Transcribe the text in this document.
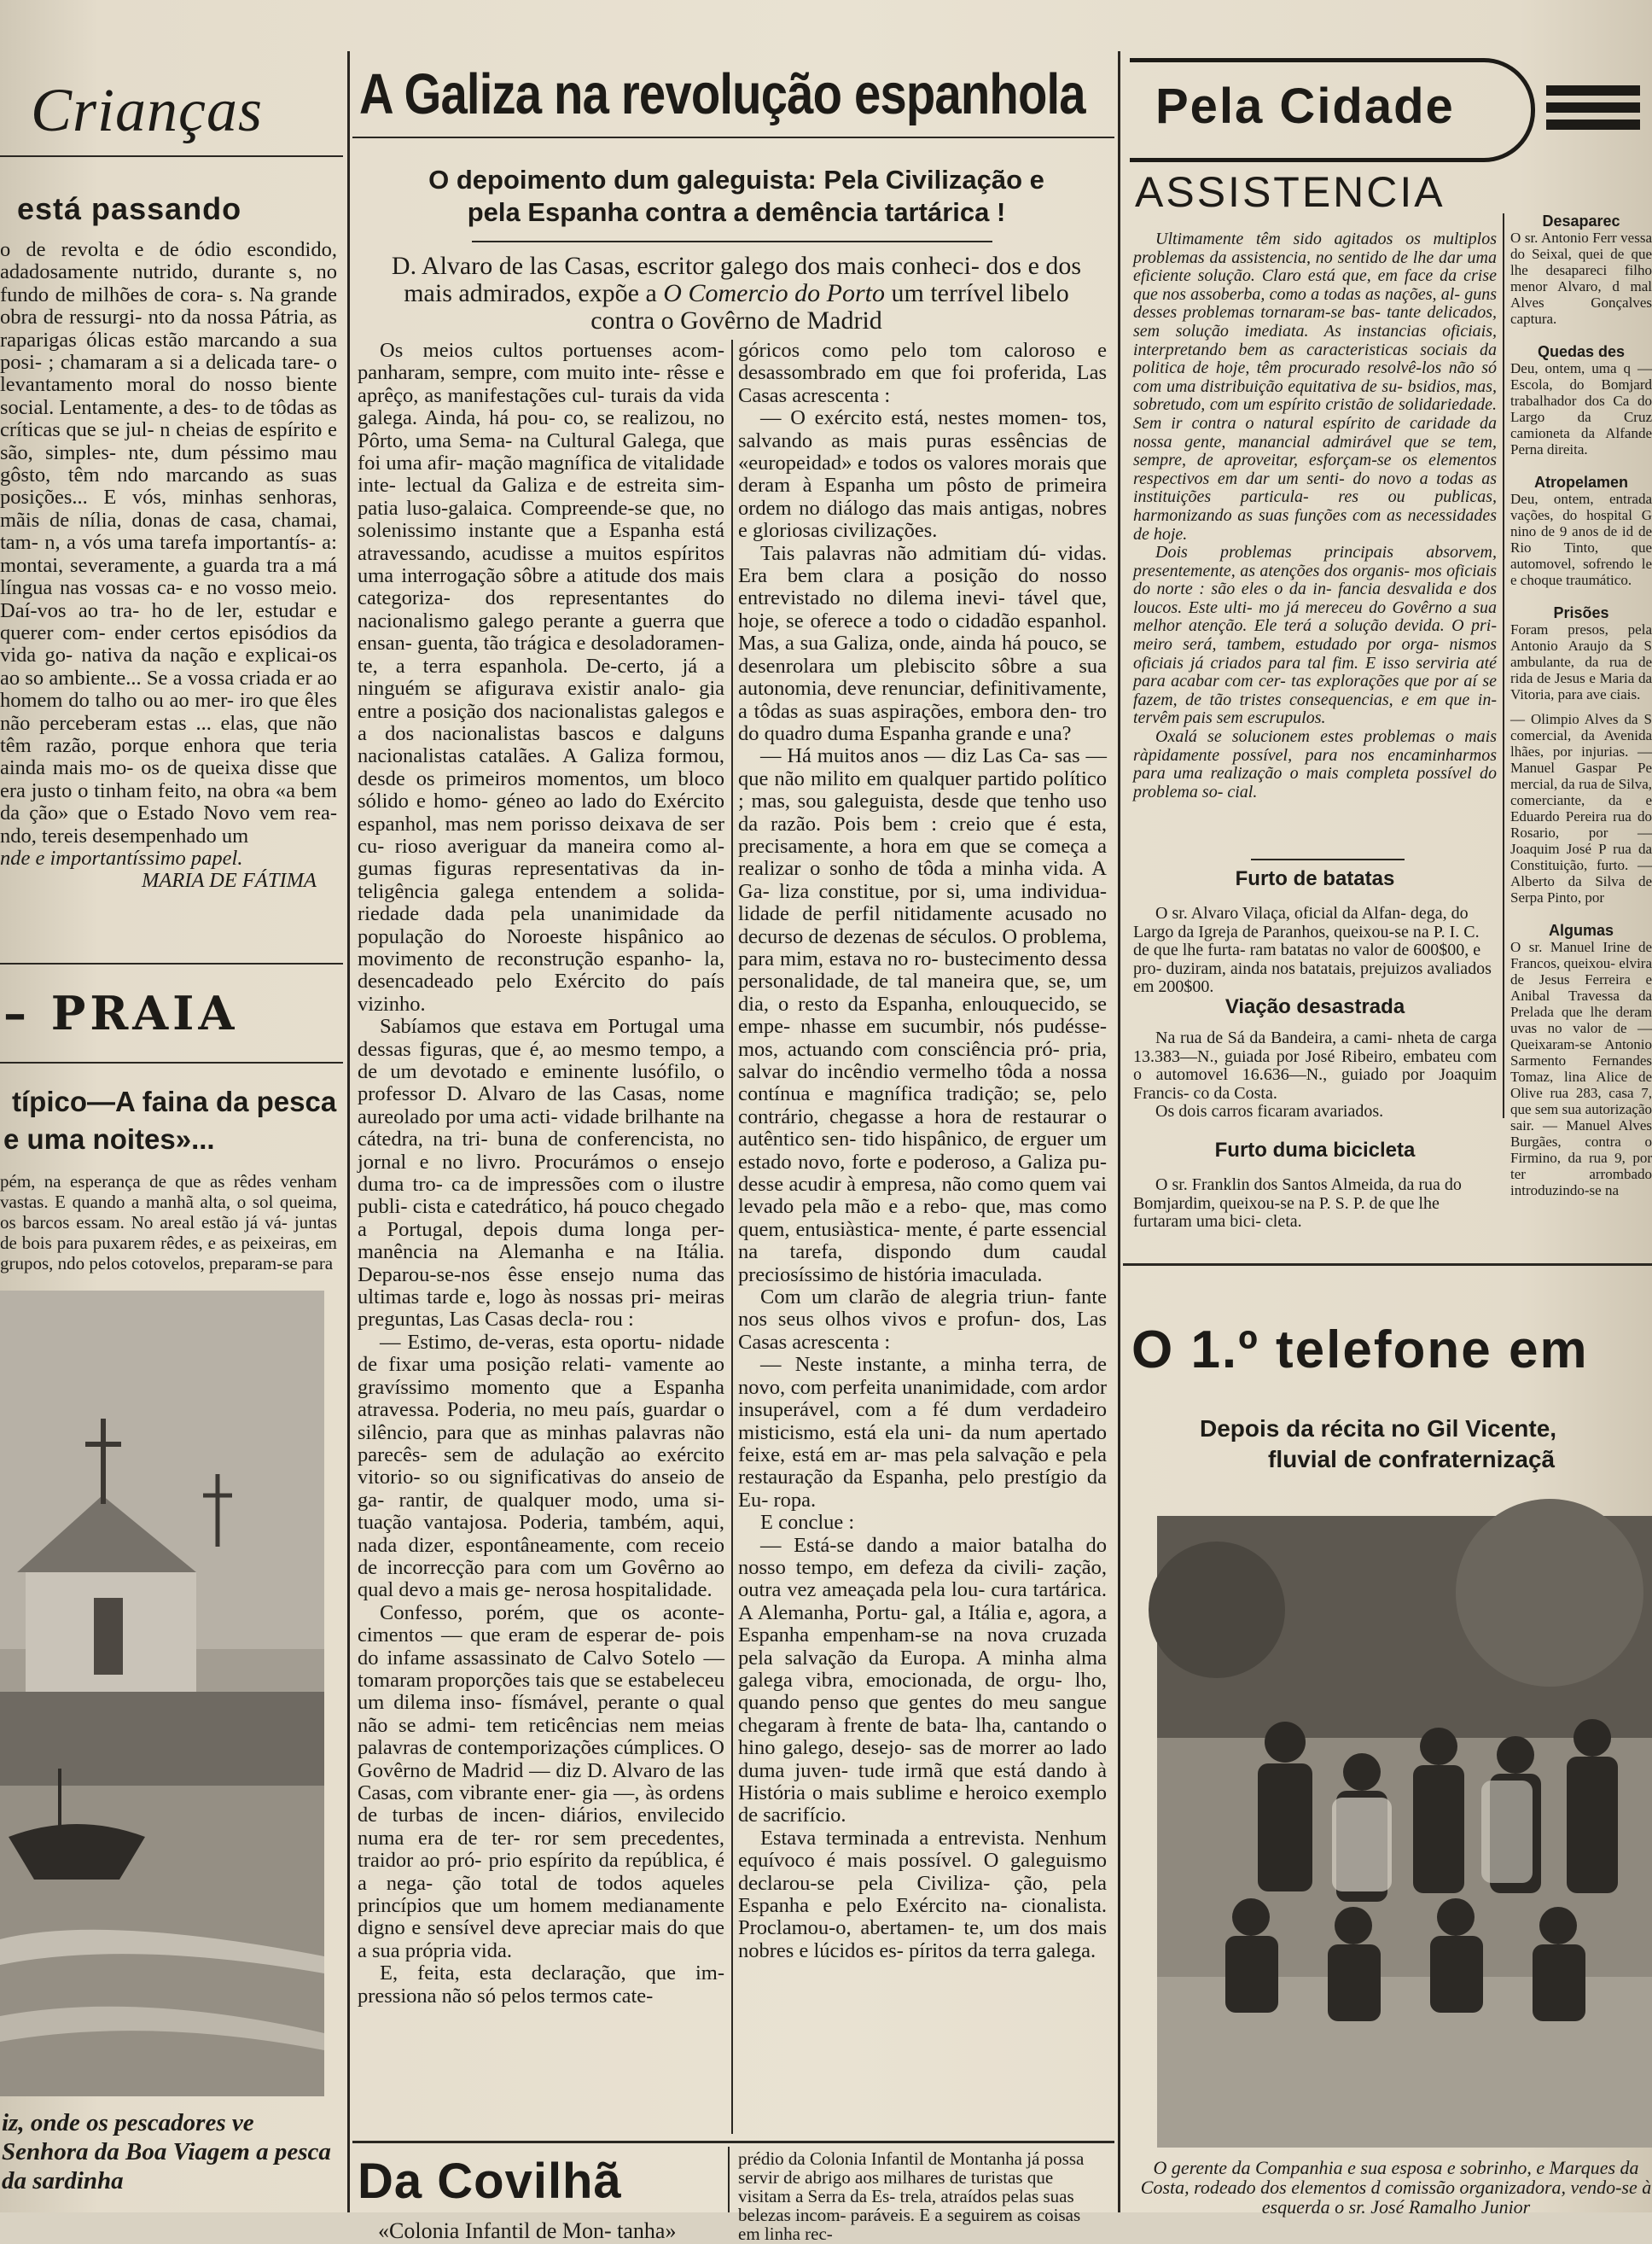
Crianças
está passando

o de revolta e de ódio escondido, adadosamente nutrido, durante s, no fundo de milhões de cora- s. Na grande obra de ressurgi- nto da nossa Pátria, as raparigas ólicas estão marcando a sua posi- ; chamaram a si a delicada tare- o levantamento moral do nosso biente social. Lentamente, a des- to de tôdas as críticas que se jul- n cheias de espírito e são, simples- nte, dum péssimo mau gôsto, têm ndo marcando as suas posições... E vós, minhas senhoras, mãis de nília, donas de casa, chamai, tam- n, a vós uma tarefa importantís- a: montai, severamente, a guarda tra a má língua nas vossas ca- e no vosso meio. Daí-vos ao tra- ho de ler, estudar e querer com- ender certos episódios da vida go- nativa da nação e explicai-os ao so ambiente... Se a vossa criada er ao homem do talho ou ao mer- iro que êles não perceberam estas ... elas, que não têm razão, porque enhora que teria ainda mais mo- os de queixa disse que era justo o tinham feito, na obra «a bem da ção» que o Estado Novo vem rea- ndo, tereis desempenhado um

nde e importantíssimo papel.

MARIA DE FÁTIMA

– PRAIA
típico—A faina da pesca
e uma noites»...

pém, na esperança de que as rêdes venham vastas. E quando a manhã alta, o sol queima, os barcos essam. No areal estão já vá- juntas de bois para puxarem rêdes, e as peixeiras, em grupos, ndo pelos cotovelos, preparam-se para

iz, onde os pescadores ve Senhora da Boa Viagem a pesca da sardinha
A Galiza na revolução espanhola
O depoimento dum galeguista: Pela Civilização e pela Espanha contra a demência tartárica !
D. Alvaro de las Casas, escritor galego dos mais conheci- dos e dos mais admirados, expõe a O Comercio do Porto um terrível libelo contra o Govêrno de Madrid

Os meios cultos portuenses acom- panharam, sempre, com muito inte- rêsse e aprêço, as manifestações cul- turais da vida galega. Ainda, há pou- co, se realizou, no Pôrto, uma Sema- na Cultural Galega, que foi uma afir- mação magnífica de vitalidade inte- lectual da Galiza e de estreita sim- patia luso-galaica. Compreende-se que, no solenissimo instante que a Espanha está atravessando, acudisse a muitos espíritos uma interrogação sôbre a atitude dos mais categoriza- dos representantes do nacionalismo galego perante a guerra que ensan- guenta, tão trágica e desoladoramen- te, a terra espanhola. De-certo, já a ninguém se afigurava existir analo- gia entre a posição dos nacionalistas galegos e a dos nacionalistas bascos e dalguns nacionalistas catalães. A Galiza formou, desde os primeiros momentos, um bloco sólido e homo- géneo ao lado do Exército espanhol, mas nem porisso deixava de ser cu- rioso averiguar da maneira como al- gumas figuras representativas da in- teligência galega entendem a solida- riedade dada pela unanimidade da população do Noroeste hispânico ao movimento de reconstrução espanho- la, desencadeado pelo Exército do país vizinho.

Sabíamos que estava em Portugal uma dessas figuras, que é, ao mesmo tempo, a de um devotado e eminente lusófilo, o professor D. Alvaro de las Casas, nome aureolado por uma acti- vidade brilhante na cátedra, na tri- buna de conferencista, no jornal e no livro. Procurámos o ensejo duma tro- ca de impressões com o ilustre publi- cista e catedrático, há pouco chegado a Portugal, depois duma longa per- manência na Alemanha e na Itália. Deparou-se-nos êsse ensejo numa das ultimas tarde e, logo às nossas pri- meiras preguntas, Las Casas decla- rou :

— Estimo, de-veras, esta oportu- nidade de fixar uma posição relati- vamente ao gravíssimo momento que a Espanha atravessa. Poderia, no meu país, guardar o silêncio, para que as minhas palavras não parecês- sem de adulação ao exército vitorio- so ou significativas do anseio de ga- rantir, de qualquer modo, uma si- tuação vantajosa. Poderia, também, aqui, nada dizer, espontâneamente, com receio de incorrecção para com um Govêrno ao qual devo a mais ge- nerosa hospitalidade.

Confesso, porém, que os aconte- cimentos — que eram de esperar de- pois do infame assassinato de Calvo Sotelo — tomaram proporções tais que se estabeleceu um dilema inso- físmável, perante o qual não se admi- tem reticências nem meias palavras de contemporizações cúmplices. O Govêrno de Madrid — diz D. Alvaro de las Casas, com vibrante ener- gia —, às ordens de turbas de incen- diários, envilecido numa era de ter- ror sem precedentes, traidor ao pró- prio espírito da república, é a nega- ção total de todos aqueles princípios que um homem medianamente digno e sensível deve apreciar mais do que a sua própria vida.

E, feita, esta declaração, que im- pressiona não só pelos termos cate-

góricos como pelo tom caloroso e desassombrado em que foi proferida, Las Casas acrescenta :

— O exército está, nestes momen- tos, salvando as mais puras essências de «europeidad» e todos os valores morais que deram à Espanha um pôsto de primeira ordem no diálogo das mais antigas, nobres e gloriosas civilizações.

Tais palavras não admitiam dú- vidas. Era bem clara a posição do nosso entrevistado no dilema inevi- tável que, hoje, se oferece a todo o cidadão espanhol. Mas, a sua Galiza, onde, ainda há pouco, se desenrolara um plebiscito sôbre a sua autonomia, deve renunciar, definitivamente, a tôdas as suas aspirações, embora den- tro do quadro duma Espanha grande e una?

— Há muitos anos — diz Las Ca- sas — que não milito em qualquer partido político ; mas, sou galeguista, desde que tenho uso da razão. Pois bem : creio que é esta, precisamente, a hora em que se começa a realizar o sonho de tôda a minha vida. A Ga- liza constitue, por si, uma individua- lidade de perfil nitidamente acusado no decurso de dezenas de séculos. O problema, para mim, estava no ro- bustecimento dessa personalidade, de tal maneira que, se, um dia, o resto da Espanha, enlouquecido, se empe- nhasse em sucumbir, nós pudésse- mos, actuando com consciência pró- pria, salvar do incêndio vermelho tôda a nossa contínua e magnífica tradição; se, pelo contrário, chegasse a hora de restaurar o autêntico sen- tido hispânico, de erguer um estado novo, forte e poderoso, a Galiza pu- desse acudir à empresa, não como quem vai levado pela mão e a rebo- que, mas como quem, entusiàstica- mente, é parte essencial na tarefa, dispondo dum caudal preciosíssimo de história imaculada.

Com um clarão de alegria triun- fante nos seus olhos vivos e profun- dos, Las Casas acrescenta :

— Neste instante, a minha terra, de novo, com perfeita unanimidade, com ardor insuperável, com a fé dum verdadeiro misticismo, está ela uni- da num apertado feixe, está em ar- mas pela salvação e pela restauração da Espanha, pelo prestígio da Eu- ropa.

E conclue :

— Está-se dando a maior batalha do nosso tempo, em defeza da civili- zação, outra vez ameaçada pela lou- cura tartárica. A Alemanha, Portu- gal, a Itália e, agora, a Espanha empenham-se na nova cruzada pela salvação da Europa. A minha alma galega vibra, emocionada, de orgu- lho, quando penso que gentes do meu sangue chegaram à frente de bata- lha, cantando o hino galego, desejo- sas de morrer ao lado duma juven- tude irmã que está dando à História o mais sublime e heroico exemplo de sacrifício.

Estava terminada a entrevista. Nenhum equívoco é mais possível. O galeguismo declarou-se pela Civiliza- ção, pela Espanha e pelo Exército na- cionalista. Proclamou-o, abertamen- te, um dos mais nobres e lúcidos es- píritos da terra galega.

Da Covilhã
«Colonia Infantil de Mon- tanha»
prédio da Colonia Infantil de Montanha já possa servir de abrigo aos milhares de turistas que visitam a Serra da Es- trela, atraídos pelas suas belezas incom- paráveis. E a seguirem as coisas em linha rec-
Pela Cidade
ASSISTENCIA

Ultimamente têm sido agitados os multiplos problemas da assistencia, no sentido de lhe dar uma eficiente solução. Claro está que, em face da crise que nos assoberba, como a todas as nações, al- guns desses problemas tornaram-se bas- tante delicados, sem solução imediata. As instancias oficiais, interpretando bem as caracteristicas sociais da politica de hoje, têm procurado resolvê-los não só com uma distribuição equitativa de su- bsidios, mas, sobretudo, com um espírito cristão de solidariedade. Sem ir contra o natural espírito de caridade da nossa gente, manancial admirável que se tem, sempre, de aproveitar, esforçam-se os elementos respectivos em dar um senti- do novo a todas as instituições particula- res ou publicas, harmonizando as suas funções com as necessidades de hoje.

Dois problemas principais absorvem, presentemente, as atenções dos organis- mos oficiais do norte : são eles o da in- fancia desvalida e dos loucos. Este ulti- mo já mereceu do Govêrno a sua melhor atenção. Ele terá a solução devida. O pri- meiro será, tambem, estudado por orga- nismos oficiais já criados para tal fim. E isso serviria até para acabar com cer- tas explorações que por aí se fazem, de tão tristes consequencias, e em que in- tervêm pais sem escrupulos.

Oxalá se solucionem estes problemas o mais ràpidamente possível, para nos encaminharmos para uma realização o mais completa possível do problema so- cial.

Furto de batatas
O sr. Alvaro Vilaça, oficial da Alfan- dega, do Largo da Igreja de Paranhos, queixou-se na P. I. C. de que lhe furta- ram batatas no valor de 600$00, e pro- duziram, ainda nos batatais, prejuizos avaliados em 200$00.
Viação desastrada

Na rua de Sá da Bandeira, a cami- nheta de carga 13.383—N., guiada por José Ribeiro, embateu com o automovel 16.636—N., guiado por Joaquim Francis- co da Costa.

Os dois carros ficaram avariados.

Furto duma bicicleta
O sr. Franklin dos Santos Almeida, da rua do Bomjardim, queixou-se na P. S. P. de que lhe furtaram uma bici- cleta.
Desaparec

O sr. Antonio Ferr vessa do Seixal, quei de que lhe desapareci filho menor Alvaro, d mal Alves Gonçalves captura.

Quedas des

Deu, ontem, uma q —Escola, do Bomjard trabalhador dos Ca do Largo da Cruz camioneta da Alfande Perna direita.

Atropelamen

Deu, ontem, entrada vações, do hospital G nino de 9 anos de id de Rio Tinto, que automovel, sofrendo le e choque traumático.

Prisões

Foram presos, pela Antonio Araujo da S ambulante, da rua de rida de Jesus e Maria da Vitoria, para ave ciais.

— Olimpio Alves da S comercial, da Avenida lhães, por injurias. — Manuel Gaspar Pe mercial, da rua de Silva, comerciante, da e Eduardo Pereira rua do Rosario, por — Joaquim José P rua da Constituição, furto. — Alberto da Silva de Serpa Pinto, por

Algumas

O sr. Manuel Irine de Francos, queixou- elvira de Jesus Ferreira e Anibal Travessa da Prelada que lhe deram uvas no valor de — Queixaram-se Antonio Sarmento Fernandes Tomaz, lina Alice de Olive rua 283, casa 7, que sem sua autorização sair. — Manuel Alves Burgães, contra o Firmino, da rua 9, por ter arrombado introduzindo-se na

O 1.º telefone em
Depois da récita no Gil Vicente,
fluvial de confraternizaçã
O gerente da Companhia e sua esposa e sobrinho, e Marques da Costa, rodeado dos elementos d comissão organizadora, vendo-se à esquerda o sr. José Ramalho Junior
